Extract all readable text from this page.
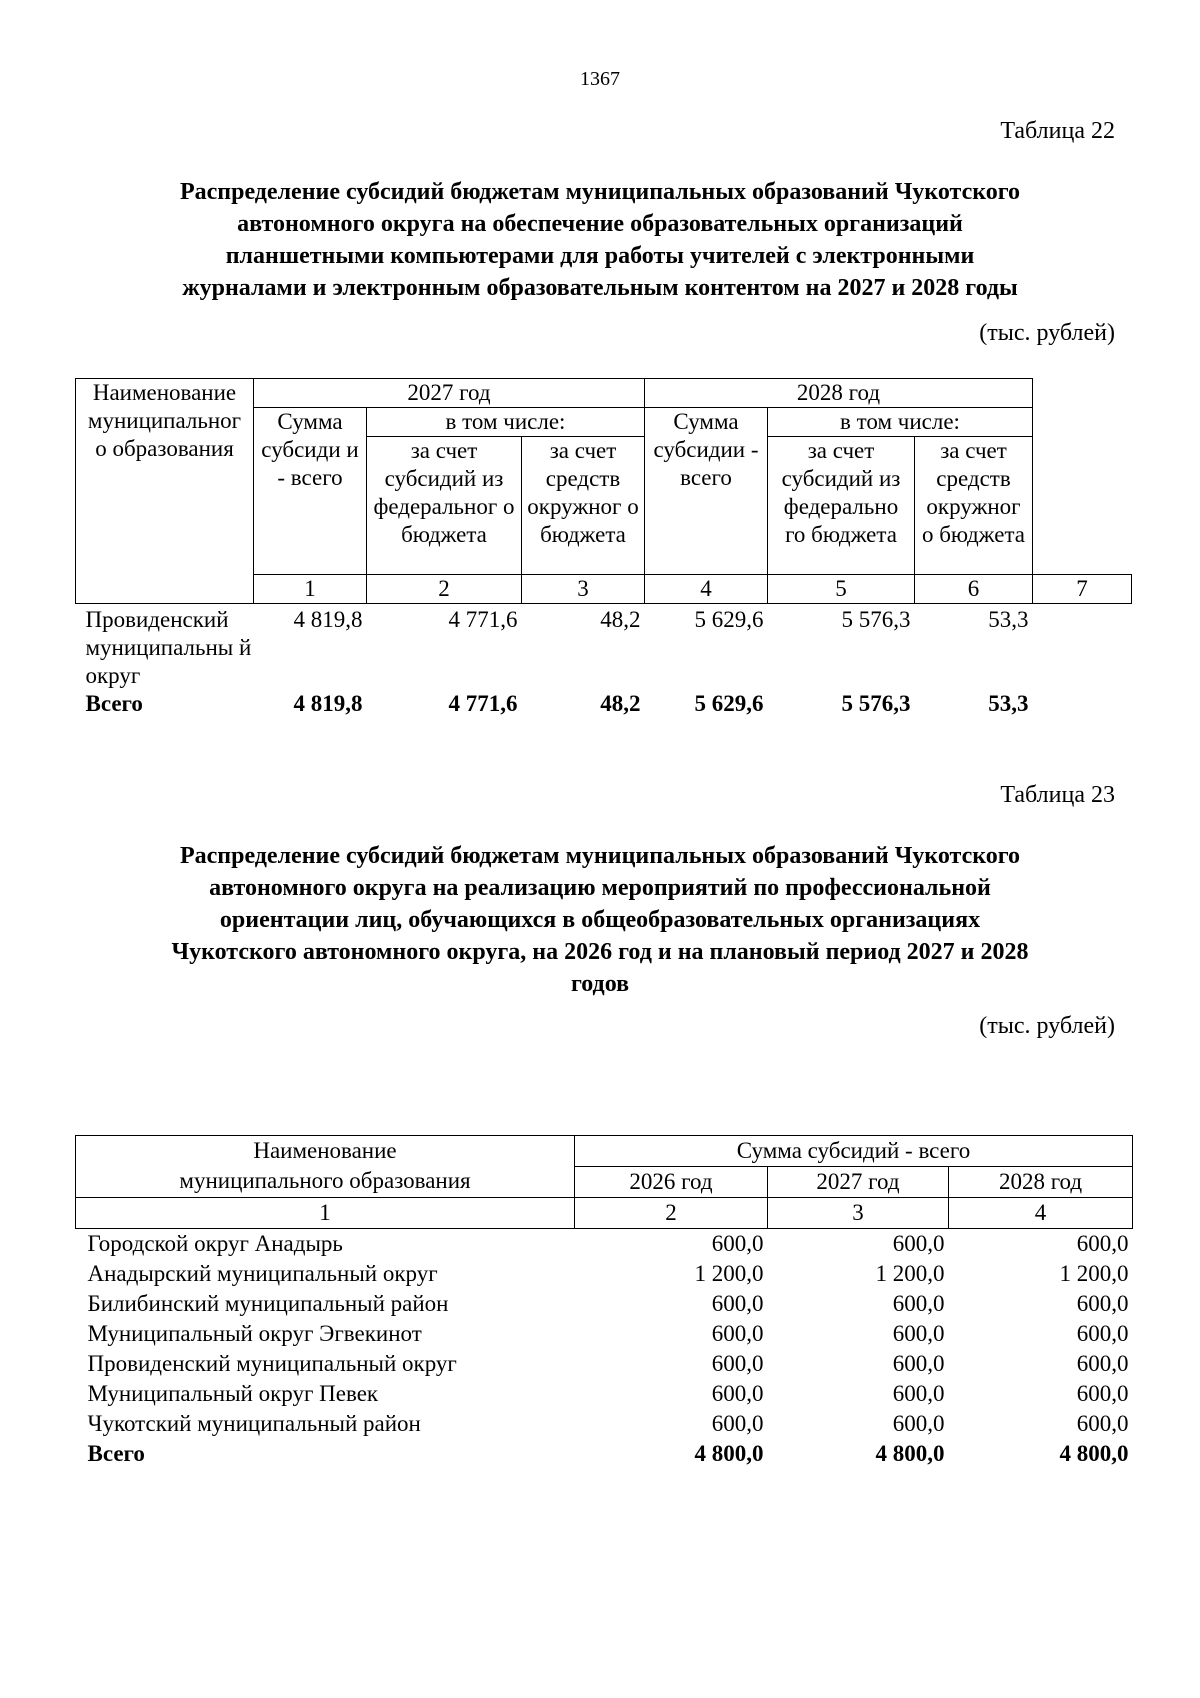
1367
Таблица 22
Распределение субсидий бюджетам муниципальных образований Чукотского
автономного округа на обеспечение образовательных организаций
планшетными компьютерами для работы учителей с электронными
журналами и электронным образовательным контентом на 2027 и 2028 годы
(тыс. рублей)
Наименование муниципальног о образования	2027 год			2028 год			
	Сумма субсиди и - всего	в том числе:		Сумма субсидии - всего	в том числе:		
		за счет субсидий из федеральног о бюджета	за счет средств окружног о бюджета		за счет субсидий из федерально го бюджета	за счет средств окружног о бюджета	
	1	2	3	4	5	6	7
Провиденский муниципальны й округ	4 819,8	4 771,6	48,2	5 629,6	5 576,3	53,3	
Всего	4 819,8	4 771,6	48,2	5 629,6	5 576,3	53,3	
Таблица 23
Распределение субсидий бюджетам муниципальных образований Чукотского
автономного округа на реализацию мероприятий по профессиональной
ориентации лиц, обучающихся в общеобразовательных организациях
Чукотского автономного округа, на 2026 год и на плановый период 2027 и 2028
годов
(тыс. рублей)
Наименование
муниципального образования	Сумма субсидий - всего		
	2026 год	2027 год	2028 год
1	2	3	4
Городской округ Анадырь	600,0	600,0	600,0
Анадырский муниципальный округ	1 200,0	1 200,0	1 200,0
Билибинский муниципальный район	600,0	600,0	600,0
Муниципальный округ Эгвекинот	600,0	600,0	600,0
Провиденский муниципальный округ	600,0	600,0	600,0
Муниципальный округ Певек	600,0	600,0	600,0
Чукотский муниципальный район	600,0	600,0	600,0
Всего	4 800,0	4 800,0	4 800,0
